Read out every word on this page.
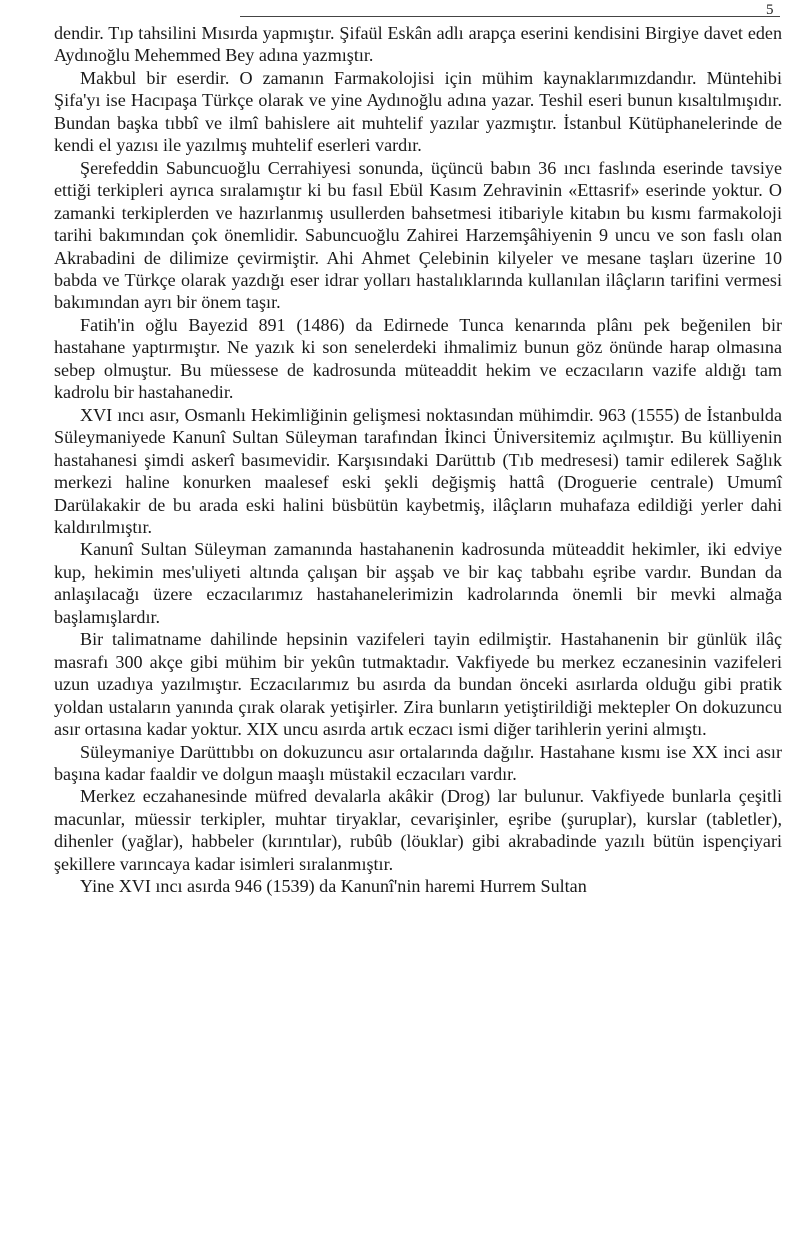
5

dendir. Tıp tahsilini Mısırda yapmıştır. Şifaül Eskân adlı arapça eserini kendisini Birgiye davet eden Aydınoğlu Mehemmed Bey adına yazmıştır.

Makbul bir eserdir. O zamanın Farmakolojisi için mühim kaynaklarımızdandır. Müntehibi Şifa'yı ise Hacıpaşa Türkçe olarak ve yine Aydınoğlu adına yazar. Teshil eseri bunun kısaltılmışıdır. Bundan başka tıbbî ve ilmî bahislere ait muhtelif yazılar yazmıştır. İstanbul Kütüphanelerinde de kendi el yazısı ile yazılmış muhtelif eserleri vardır.

Şerefeddin Sabuncuoğlu Cerrahiyesi sonunda, üçüncü babın 36 ıncı faslında eserinde tavsiye ettiği terkipleri ayrıca sıralamıştır ki bu fasıl Ebül Kasım Zehravinin «Ettasrif» eserinde yoktur. O zamanki terkiplerden ve hazırlanmış usullerden bahsetmesi itibariyle kitabın bu kısmı farmakoloji tarihi bakımından çok önemlidir. Sabuncuoğlu Zahirei Harzemşâhiyenin 9 uncu ve son faslı olan Akrabadini de dilimize çevirmiştir. Ahi Ahmet Çelebinin kilyeler ve mesane taşları üzerine 10 babda ve Türkçe olarak yazdığı eser idrar yolları hastalıklarında kullanılan ilâçların tarifini vermesi bakımından ayrı bir önem taşır.

Fatih'in oğlu Bayezid 891 (1486) da Edirnede Tunca kenarında plânı pek beğenilen bir hastahane yaptırmıştır. Ne yazık ki son senelerdeki ihmalimiz bunun göz önünde harap olmasına sebep olmuştur. Bu müessese de kadrosunda müteaddit hekim ve eczacıların vazife aldığı tam kadrolu bir hastahanedir.

XVI ıncı asır, Osmanlı Hekimliğinin gelişmesi noktasından mühimdir. 963 (1555) de İstanbulda Süleymaniyede Kanunî Sultan Süleyman tarafından İkinci Üniversitemiz açılmıştır. Bu külliyenin hastahanesi şimdi askerî basımevidir. Karşısındaki Darüttıb (Tıb medresesi) tamir edilerek Sağlık merkezi haline konurken maalesef eski şekli değişmiş hattâ (Droguerie centrale) Umumî Darülakakir de bu arada eski halini büsbütün kaybetmiş, ilâçların muhafaza edildiği yerler dahi kaldırılmıştır.

Kanunî Sultan Süleyman zamanında hastahanenin kadrosunda müteaddit hekimler, iki edviye kup, hekimin mes'uliyeti altında çalışan bir aşşab ve bir kaç tabbahı eşribe vardır. Bundan da anlaşılacağı üzere eczacılarımız hastahanelerimizin kadrolarında önemli bir mevki almağa başlamışlardır.

Bir talimatname dahilinde hepsinin vazifeleri tayin edilmiştir. Hastahanenin bir günlük ilâç masrafı 300 akçe gibi mühim bir yekûn tutmaktadır. Vakfiyede bu merkez eczanesinin vazifeleri uzun uzadıya yazılmıştır. Eczacılarımız bu asırda da bundan önceki asırlarda olduğu gibi pratik yoldan ustaların yanında çırak olarak yetişirler. Zira bunların yetiştirildiği mektepler On dokuzuncu asır ortasına kadar yoktur. XIX uncu asırda artık eczacı ismi diğer tarihlerin yerini almıştı.

Süleymaniye Darüttıbbı on dokuzuncu asır ortalarında dağılır. Hastahane kısmı ise XX inci asır başına kadar faaldir ve dolgun maaşlı müstakil eczacıları vardır.

Merkez eczahanesinde müfred devalarla akâkir (Drog) lar bulunur. Vakfiyede bunlarla çeşitli macunlar, müessir terkipler, muhtar tiryaklar, cevarişinler, eşribe (şuruplar), kurslar (tabletler), dihenler (yağlar), habbeler (kırıntılar), rubûb (löuklar) gibi akrabadinde yazılı bütün ispençiyari şekillere varıncaya kadar isimleri sıralanmıştır.

Yine XVI ıncı asırda 946 (1539) da Kanunî'nin haremi Hurrem Sultan
